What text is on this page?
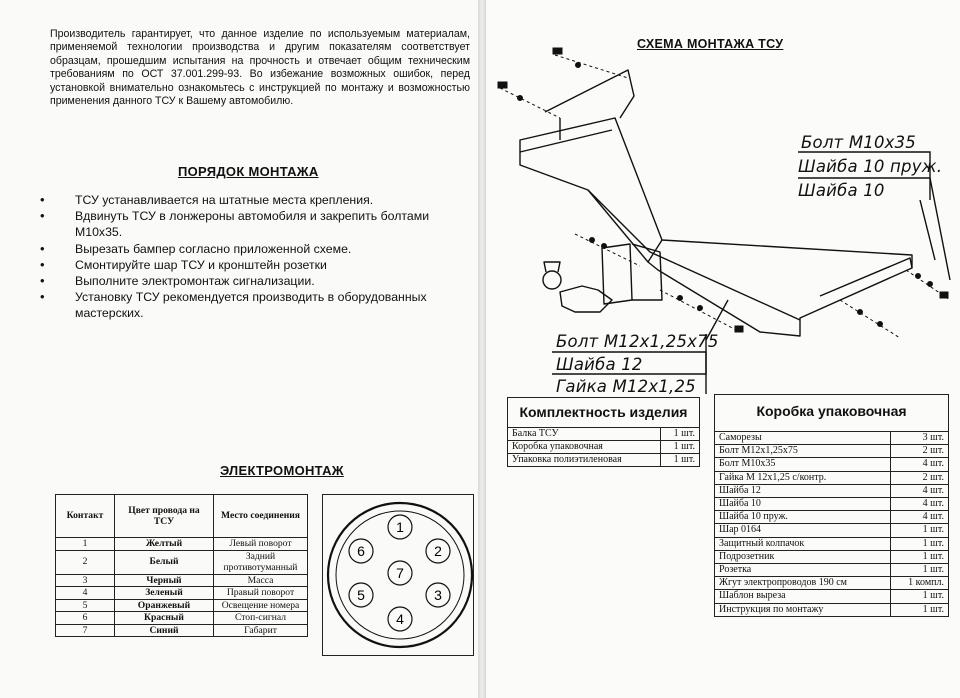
Производитель гарантирует, что данное изделие по используемым материалам, применяемой технологии производства и другим показателям соответствует образцам, прошедшим испытания на прочность и отвечает общим техническим требованиям по ОСТ 37.001.299-93. Во избежание возможных ошибок, перед установкой внимательно ознакомьтесь с инструкцией по монтажу и возможностью применения данного ТСУ к Вашему автомобилю.

ПОРЯДОК МОНТАЖА
• ТСУ устанавливается на штатные места крепления.
• Вдвинуть ТСУ в лонжероны автомобиля и закрепить болтами М10х35.
• Вырезать бампер согласно приложенной схеме.
• Смонтируйте шар ТСУ и кронштейн розетки
• Выполните электромонтаж сигнализации.
• Установку ТСУ рекомендуется производить в оборудованных мастерских.
ЭЛЕКТРОМОНТАЖ
Контакт	Цвет провода на ТСУ	Место соединения
1	Желтый	Левый поворот
2	Белый	Задний противотуманный
3	Черный	Масса
4	Зеленый	Правый поворот
5	Оранжевый	Освещение номера
6	Красный	Стоп-сигнал
7	Синий	Габарит
1
2
3
4
5
6
7
СХЕМА МОНТАЖА ТСУ
Болт М10х35
Шайба 10 пруж.
Шайба 10
Болт М12х1,25х75
Шайба 12
Гайка М12х1,25
Комплектность изделия
Балка ТСУ	1 шт.
Коробка упаковочная	1 шт.
Упаковка полиэтиленовая	1 шт.
Коробка упаковочная
Саморезы	3 шт.
Болт М12х1,25х75	2 шт.
Болт М10х35	4 шт.
Гайка М 12х1,25 с/контр.	2 шт.
Шайба 12	4 шт.
Шайба 10	4 шт.
Шайба 10 пруж.	4 шт.
Шар 0164	1 шт.
Защитный колпачок	1 шт.
Подрозетник	1 шт.
Розетка	1 шт.
Жгут электропроводов 190 см	1 компл.
Шаблон выреза	1 шт.
Инструкция по монтажу	1 шт.
